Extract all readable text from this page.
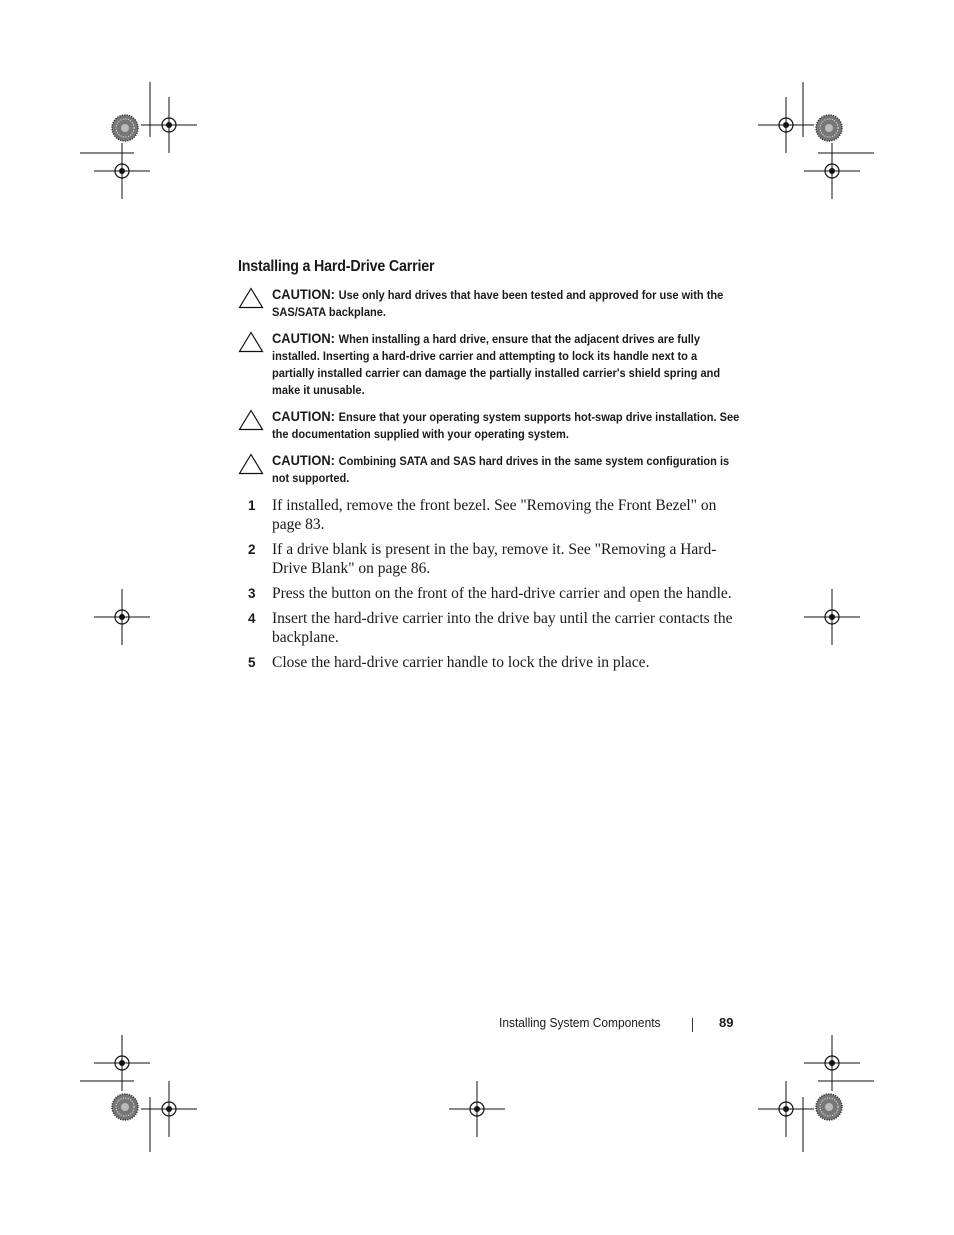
Installing a Hard-Drive Carrier
CAUTION: Use only hard drives that have been tested and approved for use with the SAS/SATA backplane.
CAUTION: When installing a hard drive, ensure that the adjacent drives are fully installed. Inserting a hard-drive carrier and attempting to lock its handle next to a partially installed carrier can damage the partially installed carrier's shield spring and make it unusable.
CAUTION: Ensure that your operating system supports hot-swap drive installation. See the documentation supplied with your operating system.
CAUTION: Combining SATA and SAS hard drives in the same system configuration is not supported.
1 If installed, remove the front bezel. See "Removing the Front Bezel" on page 83.
2 If a drive blank is present in the bay, remove it. See "Removing a Hard-Drive Blank" on page 86.
3 Press the button on the front of the hard-drive carrier and open the handle.
4 Insert the hard-drive carrier into the drive bay until the carrier contacts the backplane.
5 Close the hard-drive carrier handle to lock the drive in place.
Installing System Components	89
